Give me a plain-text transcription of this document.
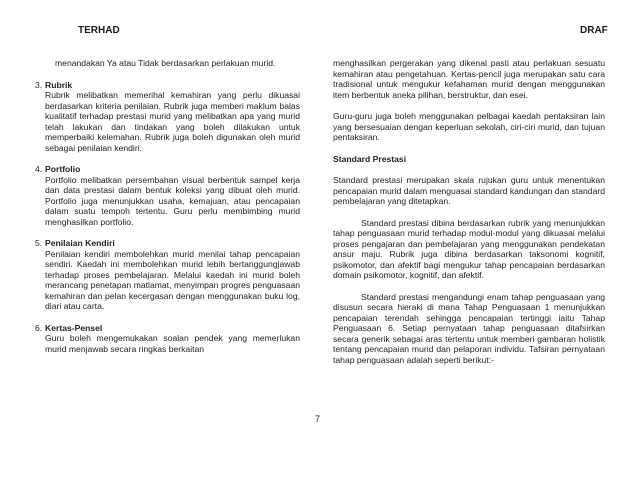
TERHAD	DRAF

menandakan Ya atau Tidak berdasarkan perlakuan murid.

3. Rubrik
Rubrik melibatkan memerihal kemahiran yang perlu dikuasai berdasarkan kriteria penilaian. Rubrik juga memberi maklum balas kualitatif terhadap prestasi murid yang melibatkan apa yang murid telah lakukan dan tindakan yang boleh dilakukan untuk memperbaiki kelemahan. Rubrik juga boleh digunakan oleh murid sebagai penilaian kendiri.
4. Portfolio
Portfolio melibatkan persembahan visual berbentuk sampel kerja dan data prestasi dalam bentuk koleksi yang dibuat oleh murid. Portfolio juga menunjukkan usaha, kemajuan, atau pencapaian dalam suatu tempoh tertentu. Guru perlu membimbing murid menghasilkan portfolio.
5. Penilaian Kendiri
Penilaian kendiri membolehkan murid menilai tahap pencapaian sendiri. Kaedah ini membolehkan murid lebih bertanggungjawab terhadap proses pembelajaran. Melalui kaedah ini murid boleh merancang penetapan matlamat, menyimpan progres penguasaan kemahiran dan pelan kecergasan dengan menggunakan buku log, diari atau carta.
6. Kertas-Pensel
Guru boleh mengemukakan soalan pendek yang memerlukan murid menjawab secara ringkas berkaitan

menghasilkan pergerakan yang dikenal pasti atau perlakuan sesuatu kemahiran atau pengetahuan. Kertas-pencil juga merupakan satu cara tradisional untuk mengukur kefahaman murid dengan menggunakan item berbentuk aneka pilihan, berstruktur, dan esei.

Guru-guru juga boleh menggunakan pelbagai kaedah pentaksiran lain yang bersesuaian dengan keperluan sekolah, ciri-ciri murid, dan tujuan pentaksiran.

Standard Prestasi

Standard prestasi merupakan skala rujukan guru untuk menentukan pencapaian murid dalam menguasai standard kandungan dan standard pembelajaran yang ditetapkan.

Standard prestasi dibina berdasarkan rubrik yang menunjukkan tahap penguasaan murid terhadap modul-modul yang dikuasai melalui proses pengajaran dan pembelajaran yang menggunakan pendekatan ansur maju. Rubrik juga dibina berdasarkan taksonomi kognitif, psikomotor, dan afektif bagi mengukur tahap pencapaian berdasarkan domain psikomotor, kognitif, dan afektif.

Standard prestasi mengandungi enam tahap penguasaan yang disusun secara hieraki di mana Tahap Penguasaan 1 menunjukkan pencapaian terendah sehingga pencapaian tertinggi iaitu Tahap Penguasaan 6. Setiap pernyataan tahap penguasaan ditafsirkan secara generik sebagai aras tertentu untuk memberi gambaran holistik tentang pencapaian murid dan pelaporan individu. Tafsiran pernyataan tahap penguasaan adalah seperti berikut:-

7
